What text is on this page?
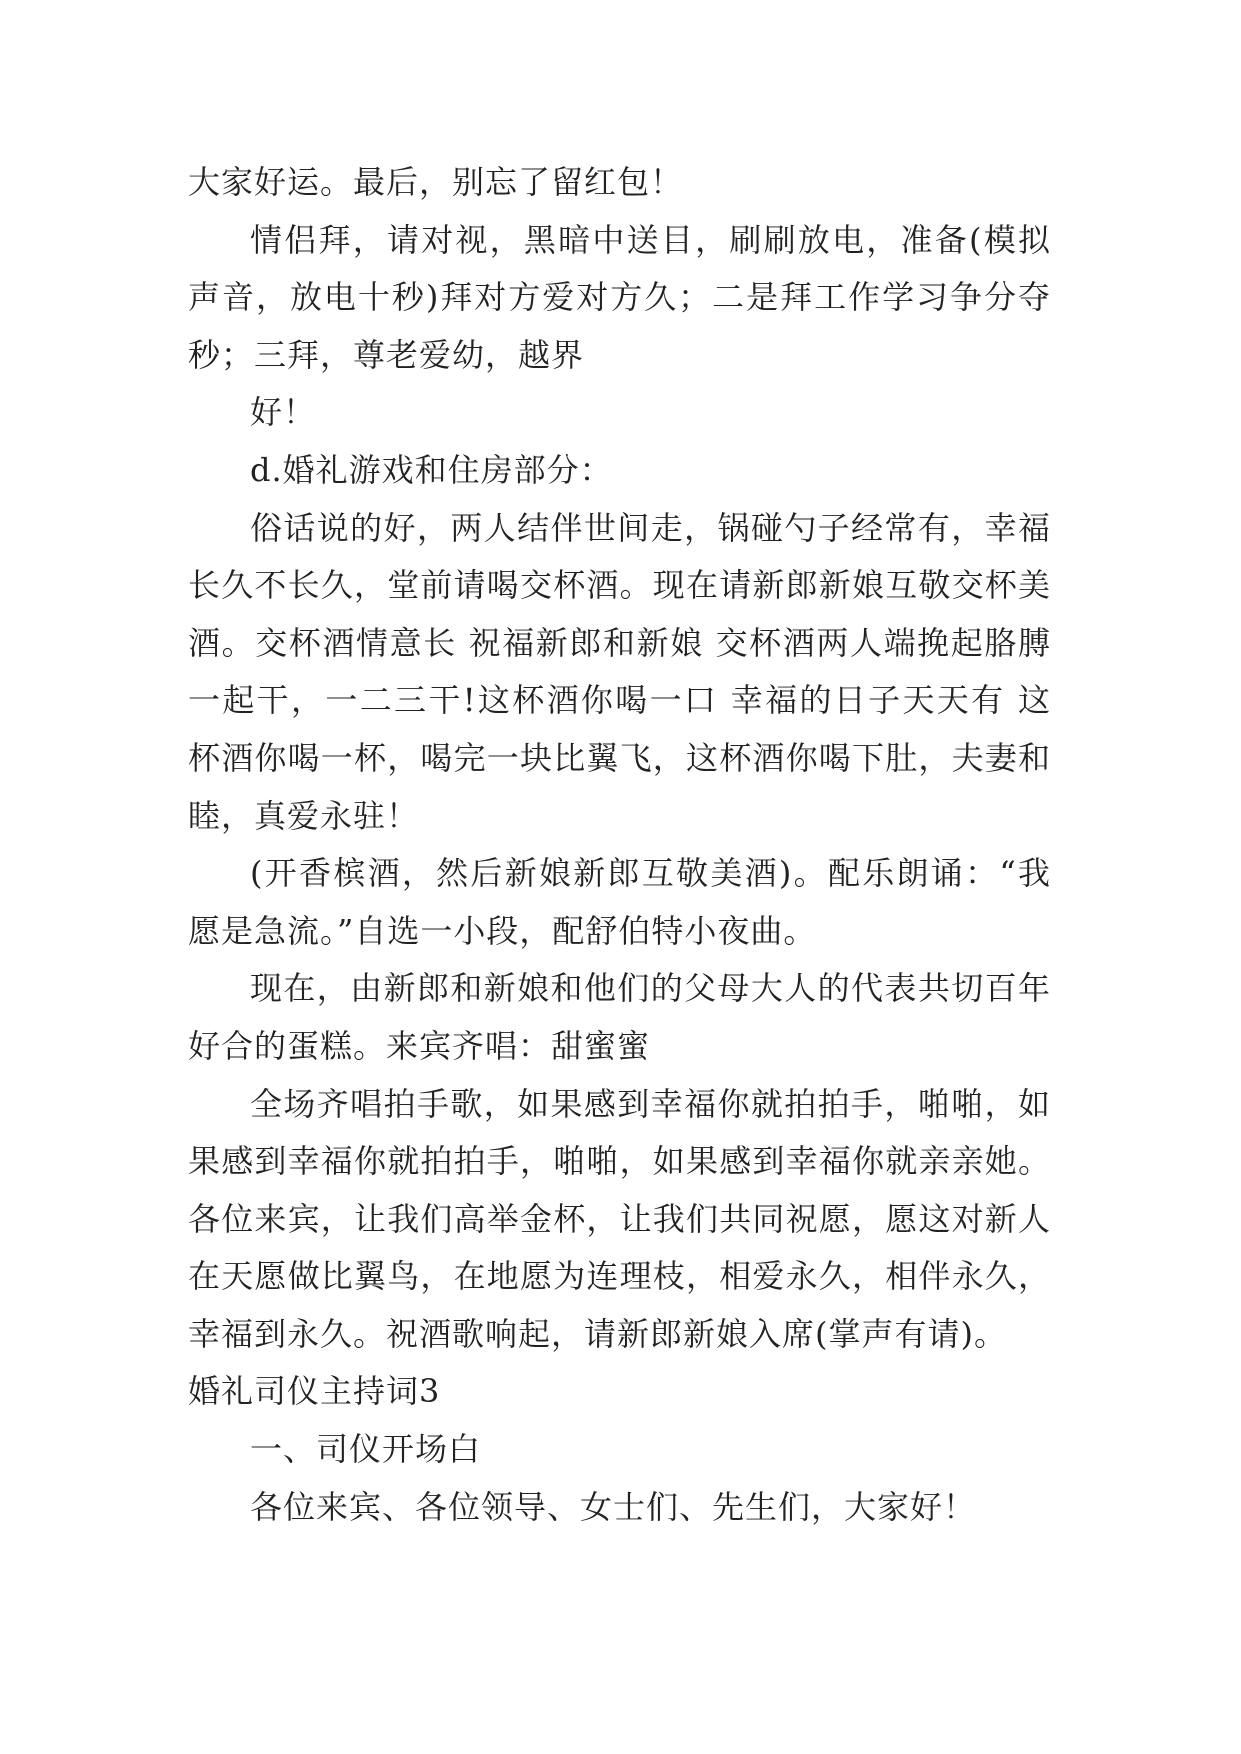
大家好运。最后，别忘了留红包！
情侣拜，请对视，黑暗中送目，刷刷放电，准备(模拟
声音，放电十秒)拜对方爱对方久；二是拜工作学习争分夺
秒；三拜，尊老爱幼，越界
好！
d.婚礼游戏和住房部分：
俗话说的好，两人结伴世间走，锅碰勺子经常有，幸福
长久不长久，堂前请喝交杯酒。现在请新郎新娘互敬交杯美
酒。交杯酒情意长 祝福新郎和新娘 交杯酒两人端挽起胳膊
一起干，一二三干!这杯酒你喝一口 幸福的日子天天有 这
杯酒你喝一杯，喝完一块比翼飞，这杯酒你喝下肚，夫妻和
睦，真爱永驻！
(开香槟酒，然后新娘新郎互敬美酒)。配乐朗诵：“我
愿是急流。”自选一小段，配舒伯特小夜曲。
现在，由新郎和新娘和他们的父母大人的代表共切百年
好合的蛋糕。来宾齐唱：甜蜜蜜
全场齐唱拍手歌，如果感到幸福你就拍拍手，啪啪，如
果感到幸福你就拍拍手，啪啪，如果感到幸福你就亲亲她。
各位来宾，让我们高举金杯，让我们共同祝愿，愿这对新人
在天愿做比翼鸟，在地愿为连理枝，相爱永久，相伴永久，
幸福到永久。祝酒歌响起，请新郎新娘入席(掌声有请)。
婚礼司仪主持词3
一、司仪开场白
各位来宾、各位领导、女士们、先生们，大家好！
